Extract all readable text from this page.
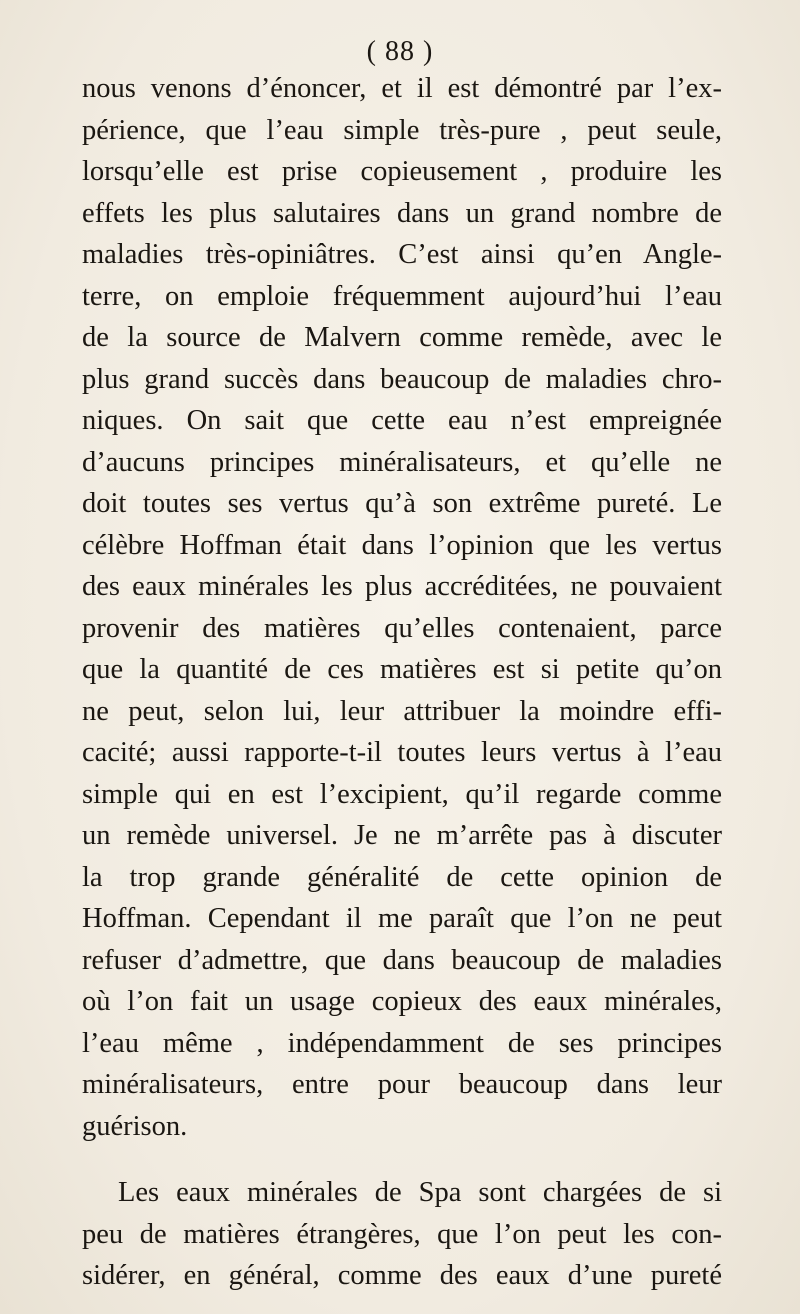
( 88 )
nous venons d’énoncer, et il est démontré par l’ex-
périence, que l’eau simple très-pure , peut seule,
lorsqu’elle est prise copieusement , produire les
effets les plus salutaires dans un grand nombre de
maladies très-opiniâtres. C’est ainsi qu’en Angle-
terre, on emploie fréquemment aujourd’hui l’eau
de la source de Malvern comme remède, avec le
plus grand succès dans beaucoup de maladies chro-
niques. On sait que cette eau n’est empreignée
d’aucuns principes minéralisateurs, et qu’elle ne
doit toutes ses vertus qu’à son extrême pureté. Le
célèbre Hoffman était dans l’opinion que les vertus
des eaux minérales les plus accréditées, ne pouvaient
provenir des matières qu’elles contenaient, parce
que la quantité de ces matières est si petite qu’on
ne peut, selon lui, leur attribuer la moindre effi-
cacité; aussi rapporte-t-il toutes leurs vertus à l’eau
simple qui en est l’excipient, qu’il regarde comme
un remède universel. Je ne m’arrête pas à discuter
la trop grande généralité de cette opinion de
Hoffman. Cependant il me paraît que l’on ne peut
refuser d’admettre, que dans beaucoup de maladies
où l’on fait un usage copieux des eaux minérales,
l’eau même , indépendamment de ses principes
minéralisateurs, entre pour beaucoup dans leur
guérison.
Les eaux minérales de Spa sont chargées de si
peu de matières étrangères, que l’on peut les con-
sidérer, en général, comme des eaux d’une pureté
